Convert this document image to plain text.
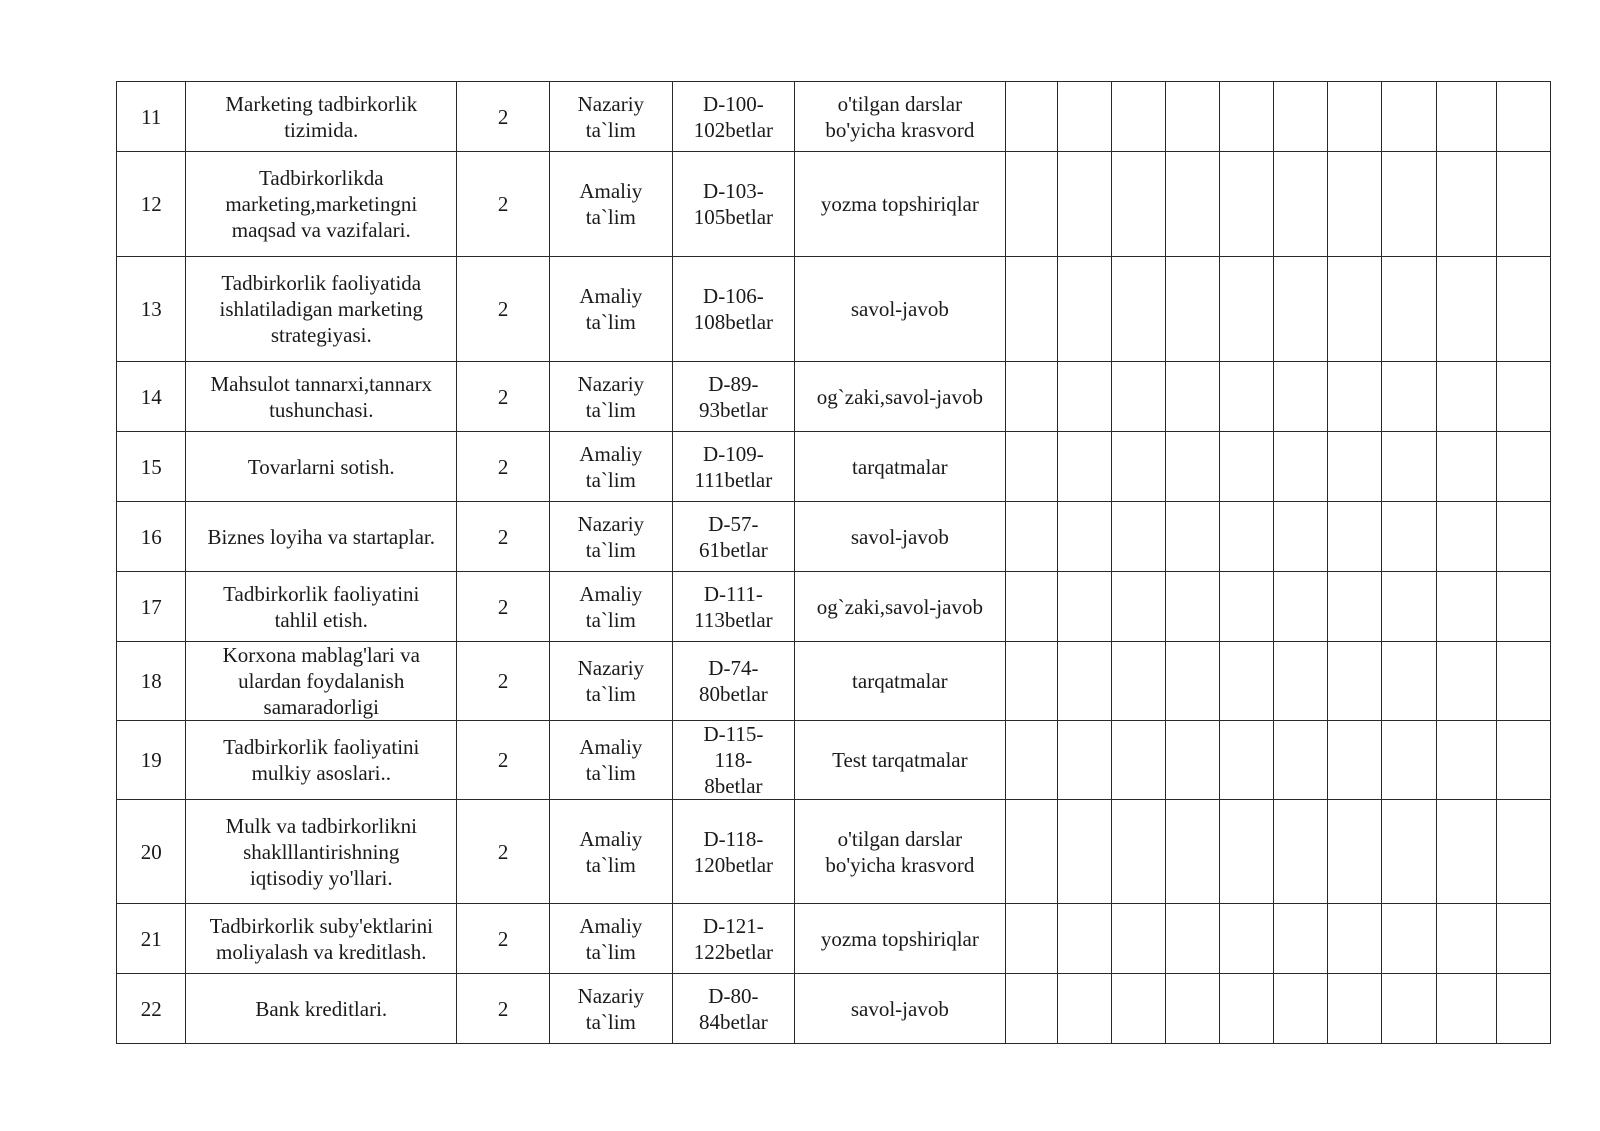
11	Marketing tadbirkorlik
tizimida.	2	Nazariy
ta`lim	D-100-
102betlar	o'tilgan darslar
bo'yicha krasvord										
12	Tadbirkorlikda
marketing,marketingni
maqsad va vazifalari.	2	Amaliy
ta`lim	D-103-
105betlar	yozma topshiriqlar										
13	Tadbirkorlik faoliyatida
ishlatiladigan marketing
strategiyasi.	2	Amaliy
ta`lim	D-106-
108betlar	savol-javob										
14	Mahsulot tannarxi,tannarx
tushunchasi.	2	Nazariy
ta`lim	D-89-
93betlar	og`zaki,savol-javob										
15	Tovarlarni sotish.	2	Amaliy
ta`lim	D-109-
111betlar	tarqatmalar										
16	Biznes loyiha va startaplar.	2	Nazariy
ta`lim	D-57-
61betlar	savol-javob										
17	Tadbirkorlik faoliyatini
tahlil etish.	2	Amaliy
ta`lim	D-111-
113betlar	og`zaki,savol-javob										
18	Korxona mablag'lari va
ulardan foydalanish
samaradorligi	2	Nazariy
ta`lim	D-74-
80betlar	tarqatmalar										
19	Tadbirkorlik faoliyatini
mulkiy asoslari..	2	Amaliy
ta`lim	D-115-
118-
8betlar	Test tarqatmalar										
20	Mulk va tadbirkorlikni
shaklllantirishning
iqtisodiy yo'llari.	2	Amaliy
ta`lim	D-118-
120betlar	o'tilgan darslar
bo'yicha krasvord										
21	Tadbirkorlik suby'ektlarini
moliyalash va kreditlash.	2	Amaliy
ta`lim	D-121-
122betlar	yozma topshiriqlar										
22	Bank kreditlari.	2	Nazariy
ta`lim	D-80-
84betlar	savol-javob										
